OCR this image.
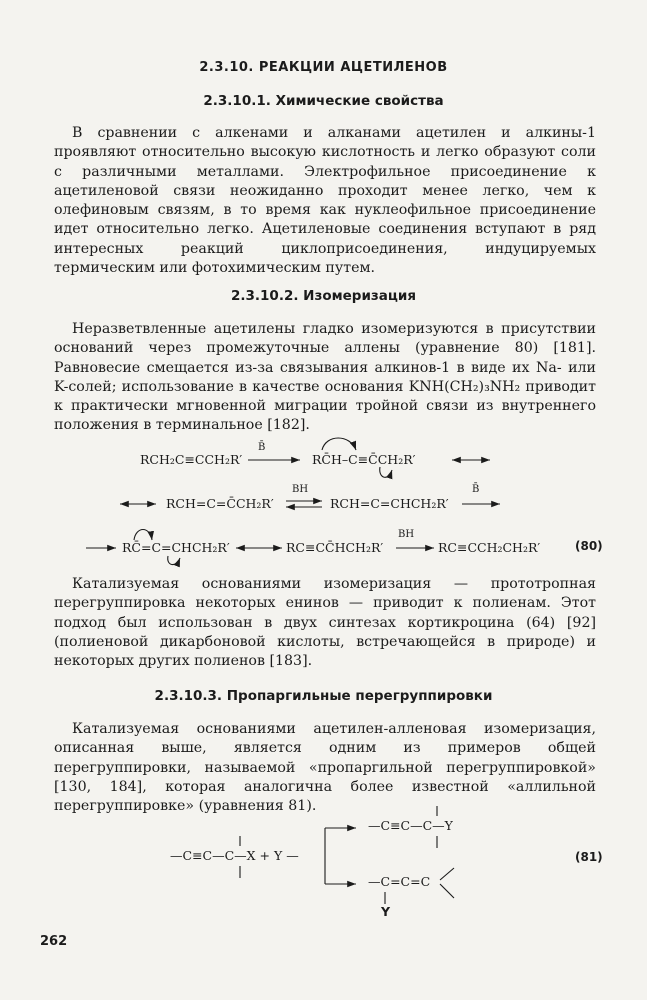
2.3.10. РЕАКЦИИ АЦЕТИЛЕНОВ
2.3.10.1. Химические свойства
В сравнении с алкенами и алканами ацетилен и алкины-1 проявляют относительно высокую кислотность и легко образуют соли с различными металлами. Электрофильное присоединение к ацетиленовой связи неожиданно проходит менее легко, чем к олефиновым связям, в то время как нуклеофильное присоединение идет относительно легко. Ацетиленовые соединения вступают в ряд интересных реакций циклоприсоединения, индуцируемых термическим или фотохимическим путем.
2.3.10.2. Изомеризация
Неразветвленные ацетилены гладко изомеризуются в присутствии оснований через промежуточные аллены (уравнение 80) [181]. Равновесие смещается из-за связывания алкинов-1 в виде их Na- или K-солей; использование в качестве основания KNH(CH₂)₃NH₂ приводит к практически мгновенной миграции тройной связи из внутреннего положения в терминальное [182].
RCH₂C≡CCH₂R′
B̄
RC̄H–C≡C̄CH₂R′
RCH=C=C̄CH₂R′
BH
RCH=C=CHCH₂R′
B̄
RC̄=C=CHCH₂R′	RC≡CC̄HCH₂R′
BH
RC≡CCH₂CH₂R′	(80)
Катализуемая основаниями изомеризация — прототропная перегруппировка некоторых енинов — приводит к полиенам. Этот подход был использован в двух синтезах кортикроцина (64) [92] (полиеновой дикарбоновой кислоты, встречающейся в природе) и некоторых других полиенов [183].
2.3.10.3. Пропаргильные перегруппировки
Катализуемая основаниями ацетилен-алленовая изомеризация, описанная выше, является одним из примеров общей перегруппировки, называемой «пропаргильной перегруппировкой» [130, 184], которая аналогична более известной «аллильной перегруппировке» (уравнения 81).
—C≡C—C—X + Y —
—C≡C—C—Y
—C=C=C
Y
(81)
262
